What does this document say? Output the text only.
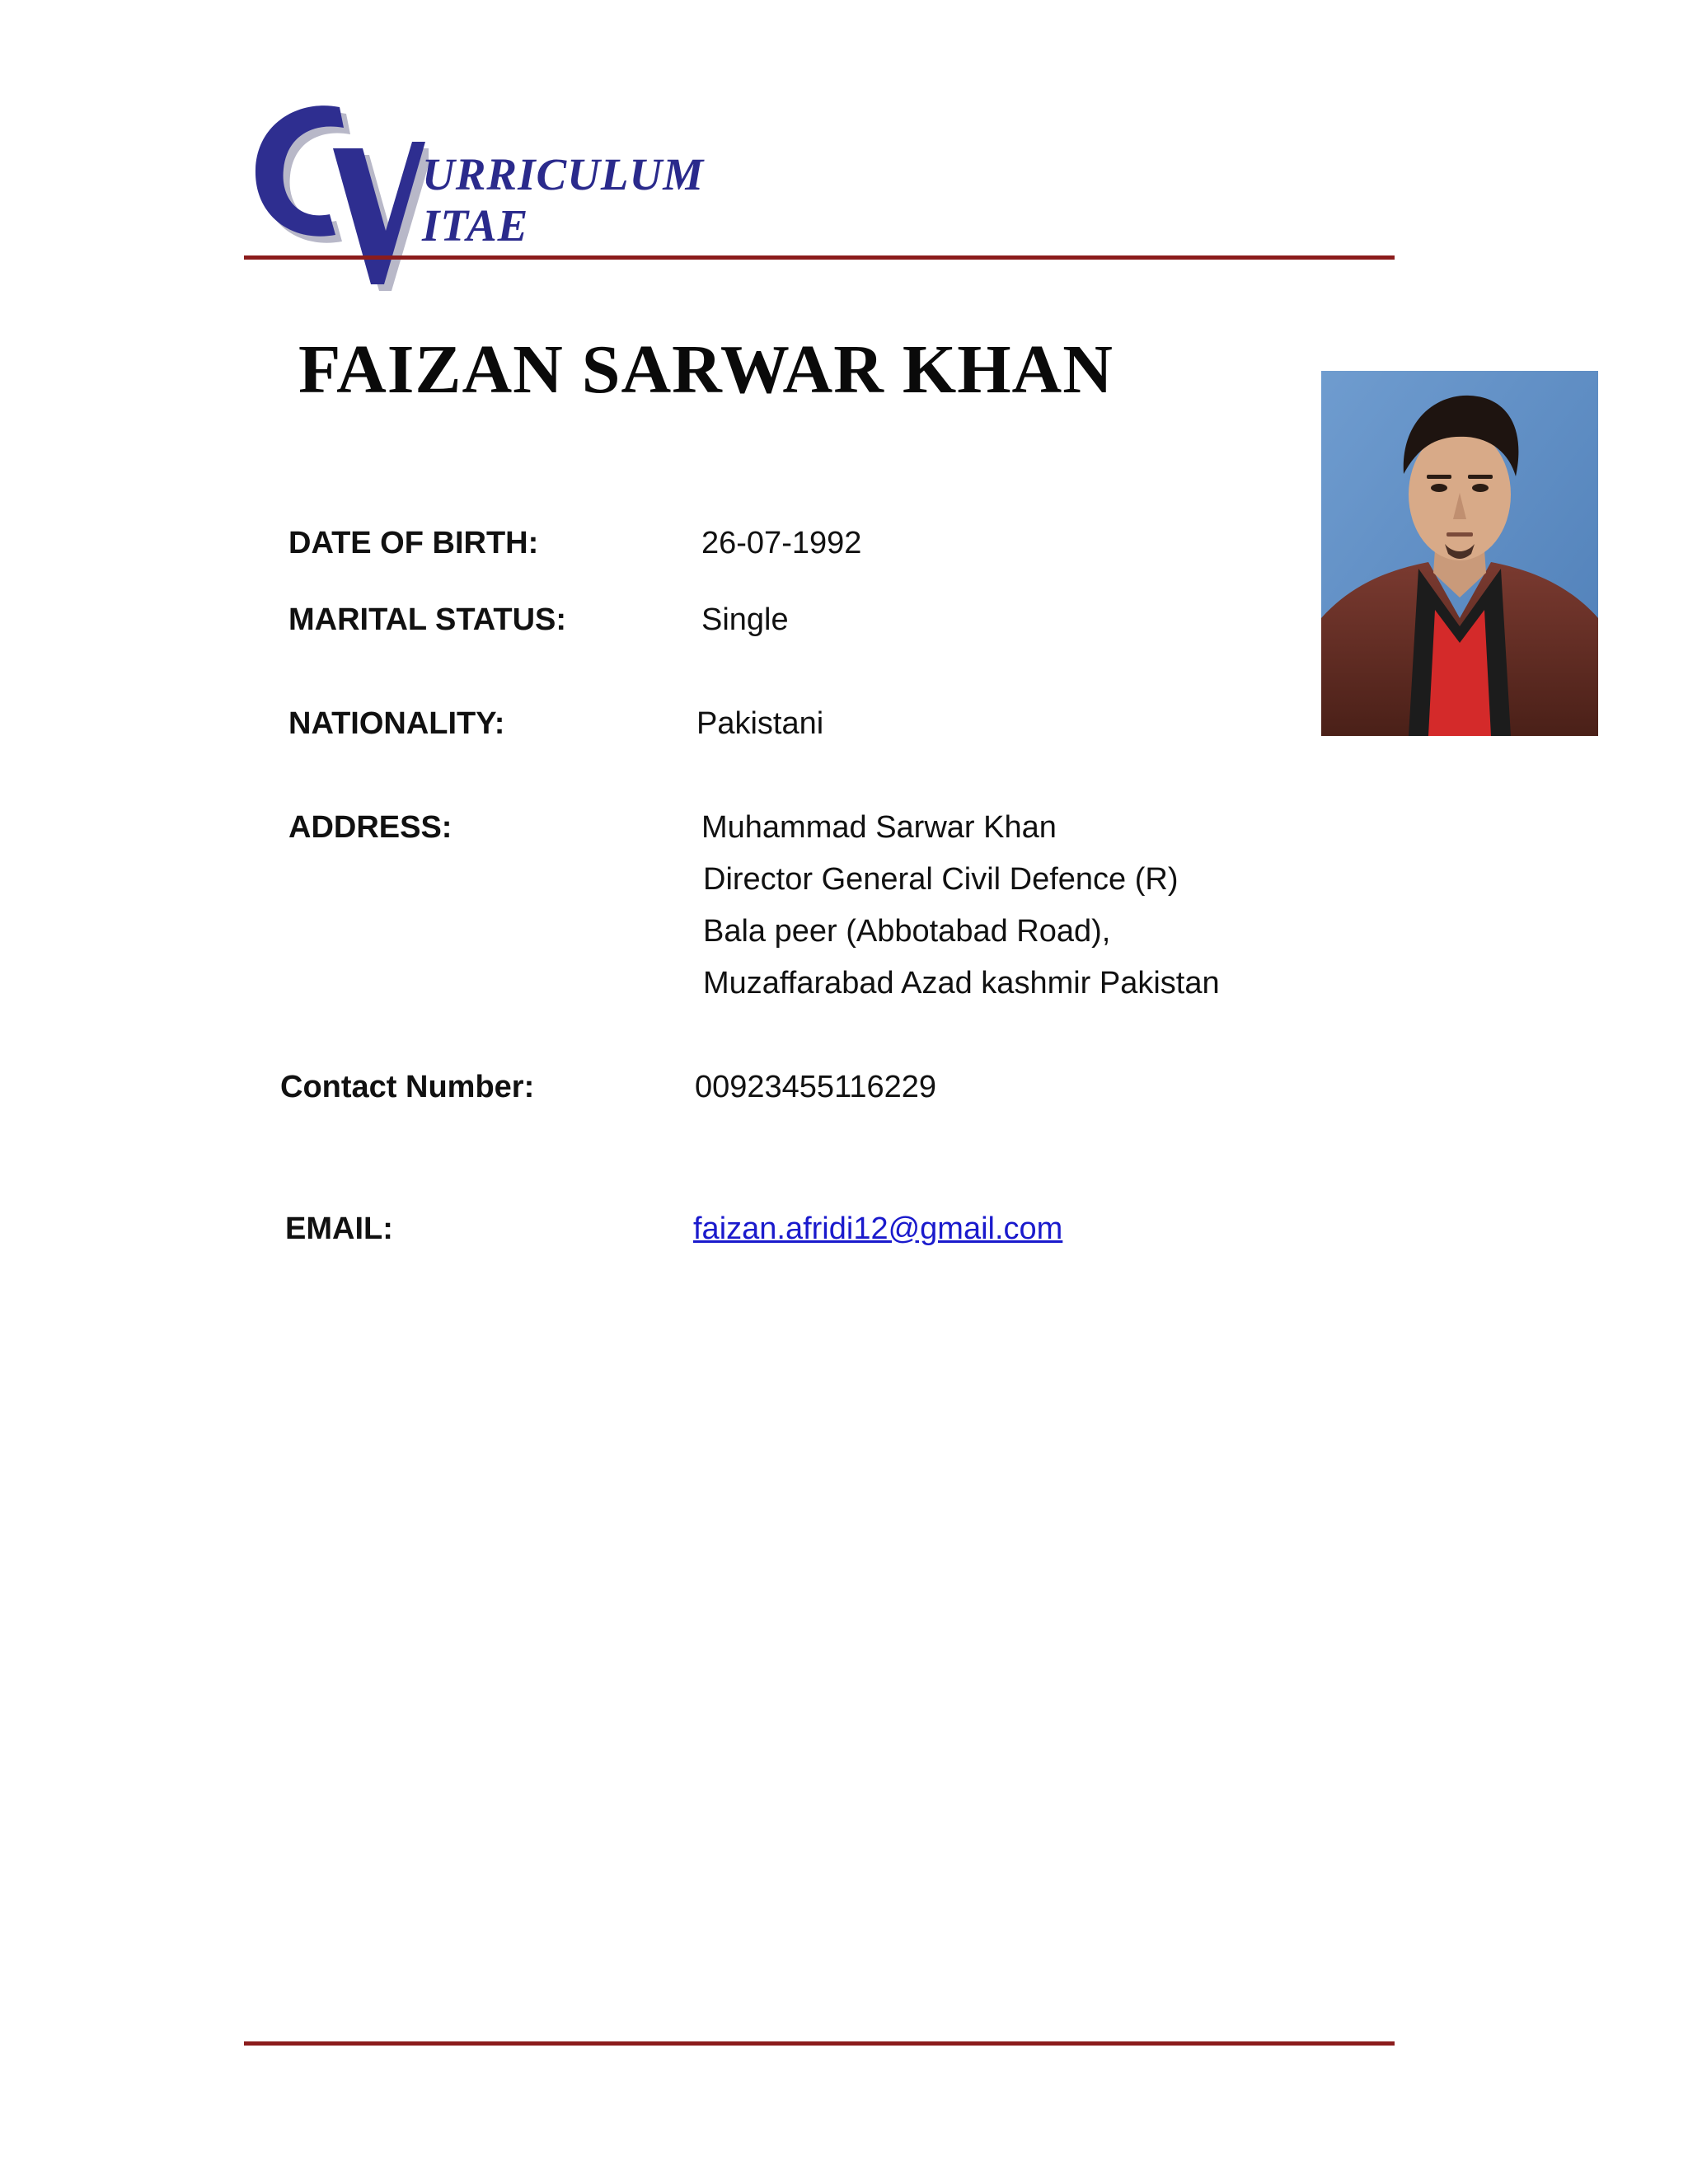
URRICULUM
ITAE
FAIZAN SARWAR KHAN
DATE OF BIRTH:	26-07-1992
MARITAL STATUS:	Single
NATIONALITY:	Pakistani
ADDRESS:	Muhammad Sarwar Khan
Director General Civil Defence (R)
Bala peer (Abbotabad Road),
Muzaffarabad Azad kashmir Pakistan
Contact Number:	00923455116229
EMAIL:	faizan.afridi12@gmail.com
